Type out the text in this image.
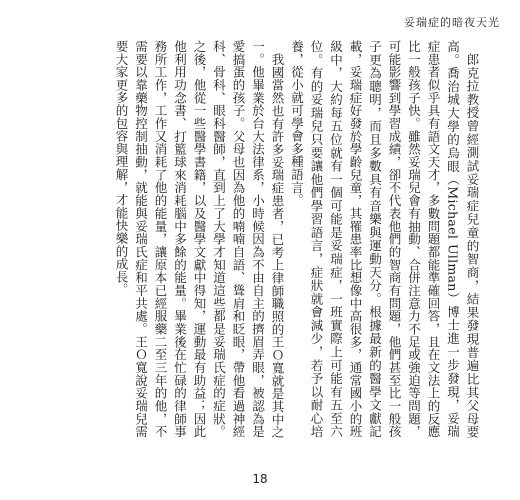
妥瑞症的暗夜天光

郎克拉教授曾經測試妥瑞症兒童的智商，結果發現普遍比其父母要高。喬治城大學的烏眼（Michael Ullman）博士進一步發現，妥瑞症患者似乎具有語文天才，多數問題都能準確回答，且在文法上的反應比一般孩子快。雖然妥瑞兒會有抽動、合併注意力不足或強迫等問題，可能影響到學習成績，卻不代表他們的智商有問題，他們甚至比一般孩子更為聰明，而且多數具有音樂與運動天分。根據最新的醫學文獻記載，妥瑞症好發於學齡兒童，其罹患率比想像中高很多，通常國小的班級中，大約每五位就有一個可能是妥瑞症，一班實際上可能有五至六位。有的妥瑞兒只要讓他們學習語言，症狀就會減少，若予以耐心培養，從小就可學會多種語言。

我國當然也有許多妥瑞症患者，已考上律師職照的王Ｏ寬就是其中之一。他畢業於台大法律系，小時候因為不由自主的擠眉弄眼，被認為是愛搞蛋的孩子。父母也因為他的喃喃自語、聳肩和眨眼，帶他看過神經科、骨科、眼科醫師，直到上了大學才知道這些都是妥瑞氏症的症狀。之後，他從一些醫學書籍，以及醫學文獻中得知，運動最有助益；因此他利用功念書、打籃球來消耗腦中多餘的能量。畢業後在忙碌的律師事務所工作，工作又消耗了他的能量，讓原本已經服藥二至三年的他，不需要以靠藥物控制抽動，就能與妥瑞氏症和平共處。王Ｏ寬說妥瑞兒需要大家更多的包容與理解，才能快樂的成長。

18
